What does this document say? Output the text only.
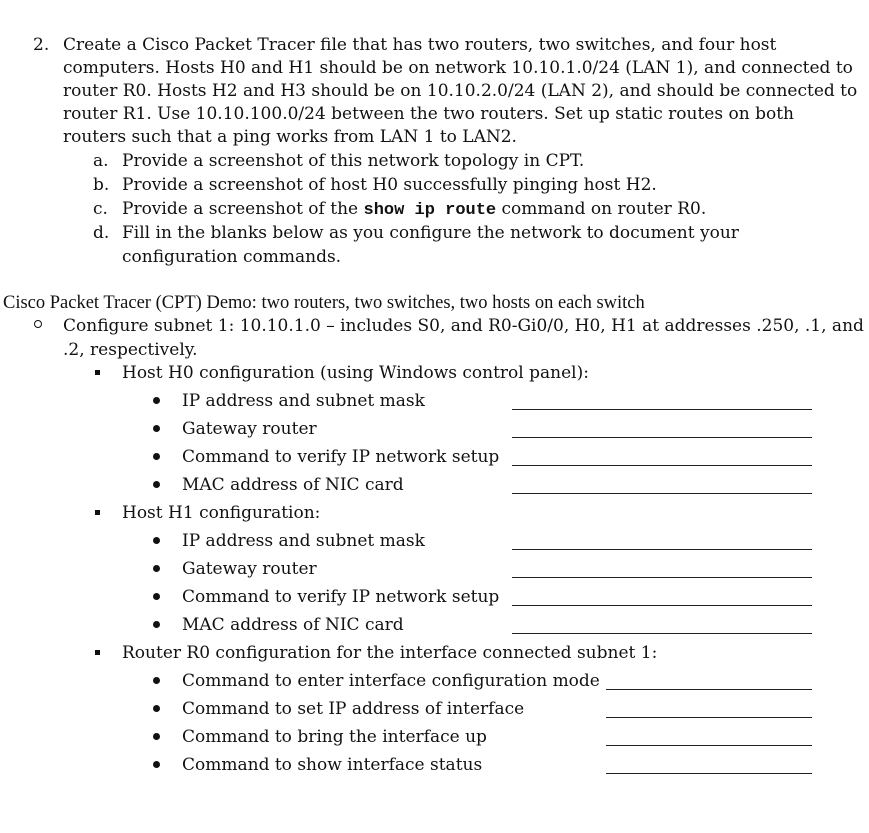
2. Create a Cisco Packet Tracer file that has two routers, two switches, and four host
computers. Hosts H0 and H1 should be on network 10.10.1.0/24 (LAN 1), and connected to
router R0. Hosts H2 and H3 should be on 10.10.2.0/24 (LAN 2), and should be connected to
router R1. Use 10.10.100.0/24 between the two routers. Set up static routes on both
routers such that a ping works from LAN 1 to LAN2.
a. Provide a screenshot of this network topology in CPT.
b. Provide a screenshot of host H0 successfully pinging host H2.
c. Provide a screenshot of the show ip route command on router R0.
d. Fill in the blanks below as you configure the network to document your
configuration commands.
Cisco Packet Tracer (CPT) Demo: two routers, two switches, two hosts on each switch
Configure subnet 1: 10.10.1.0 – includes S0, and R0-Gi0/0, H0, H1 at addresses .250, .1, and
.2, respectively.
Host H0 configuration (using Windows control panel):
IP address and subnet mask
Gateway router
Command to verify IP network setup
MAC address of NIC card
Host H1 configuration:
IP address and subnet mask
Gateway router
Command to verify IP network setup
MAC address of NIC card
Router R0 configuration for the interface connected subnet 1:
Command to enter interface configuration mode
Command to set IP address of interface
Command to bring the interface up
Command to show interface status
